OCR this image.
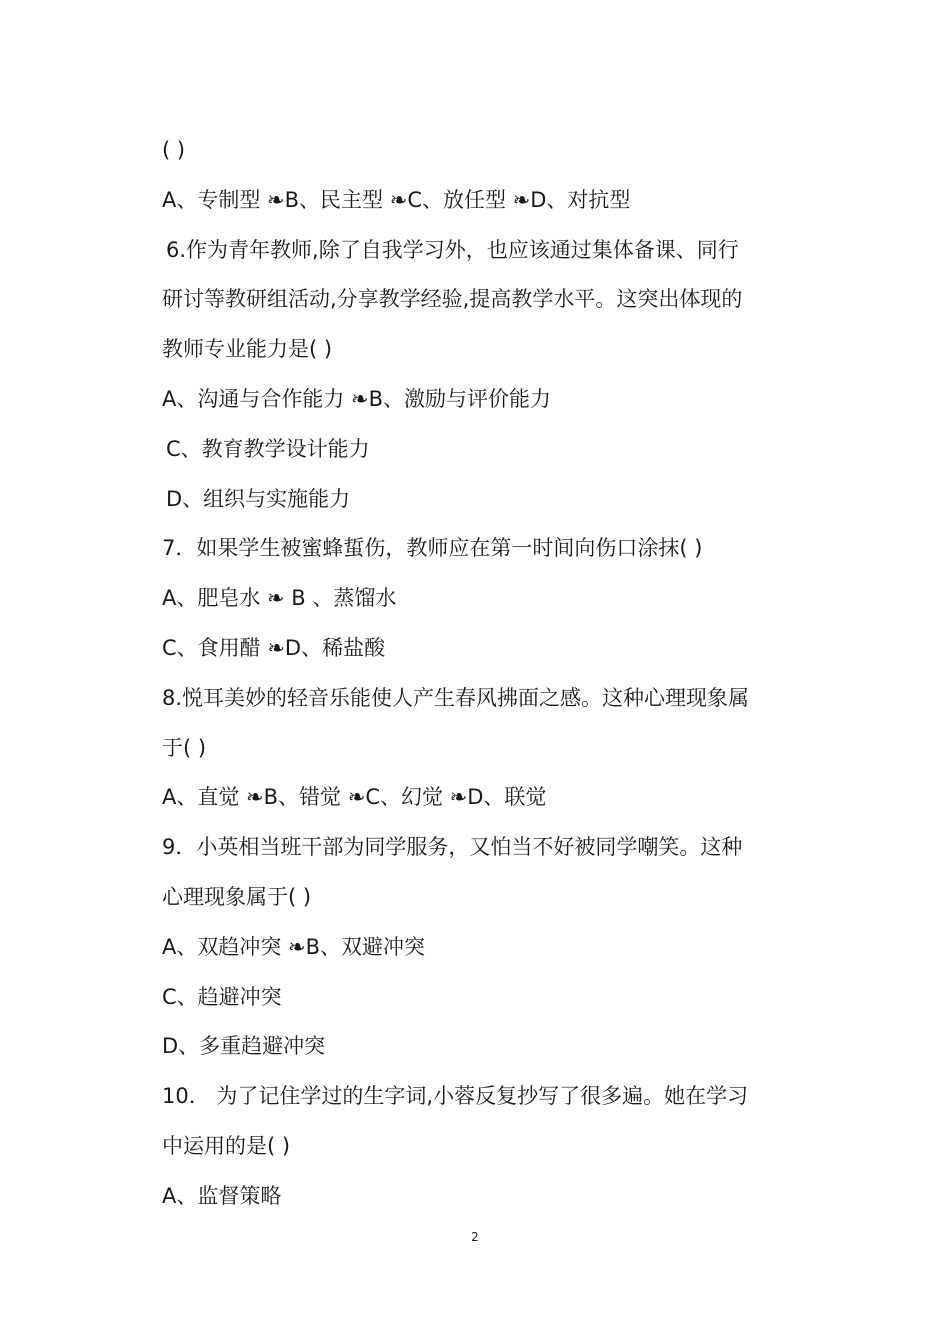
( )
A、专制型 ❧B、民主型 ❧C、放任型 ❧D、对抗型
6.作为青年教师,除了自我学习外，也应该通过集体备课、同行
研讨等教研组活动,分享教学经验,提高教学水平。这突出体现的
教师专业能力是( )
A、沟通与合作能力 ❧B、激励与评价能力
C、教育教学设计能力
D、组织与实施能力
7．如果学生被蜜蜂蜇伤，教师应在第一时间向伤口涂抹( )
A、肥皂水 ❧ B 、蒸馏水
C、食用醋 ❧D、稀盐酸
8.悦耳美妙的轻音乐能使人产生春风拂面之感。这种心理现象属
于( )
A、直觉 ❧B、错觉 ❧C、幻觉 ❧D、联觉
9．小英相当班干部为同学服务，又怕当不好被同学嘲笑。这种
心理现象属于( )
A、双趋冲突 ❧B、双避冲突
C、趋避冲突
D、多重趋避冲突
10． 为了记住学过的生字词,小蓉反复抄写了很多遍。她在学习
中运用的是( )
A、监督策略
2
